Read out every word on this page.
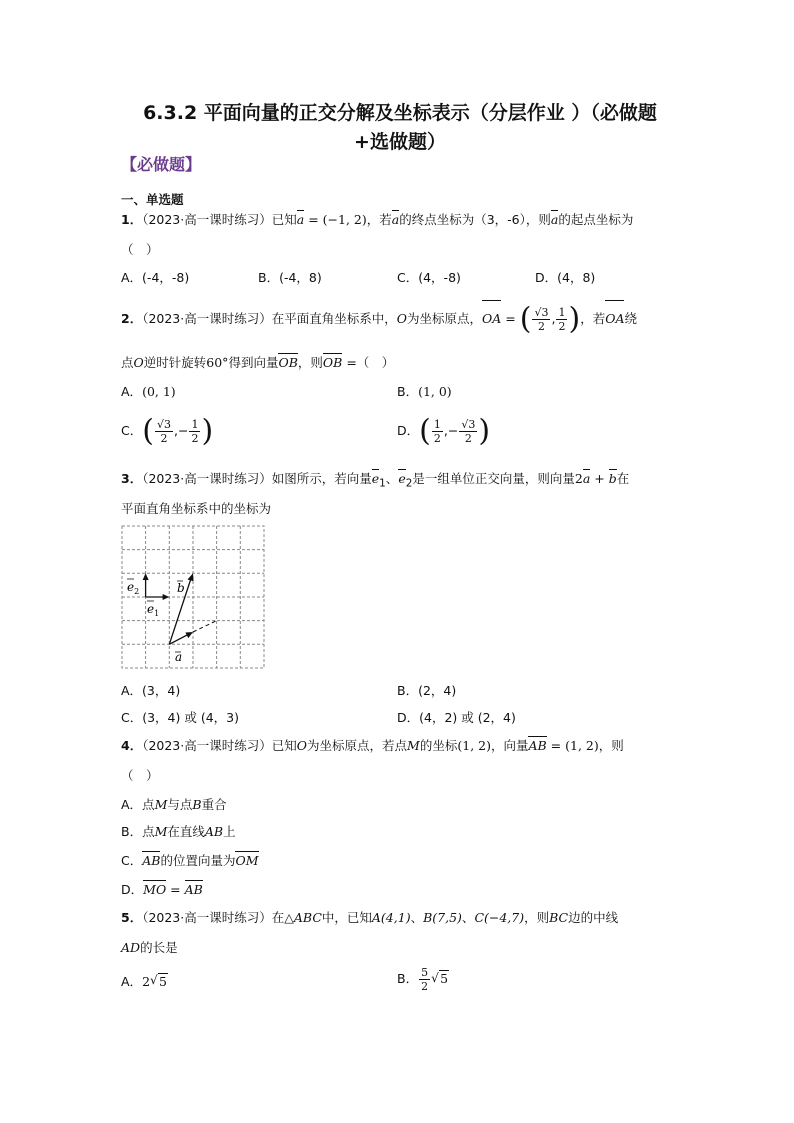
6.3.2 平面向量的正交分解及坐标表示（分层作业 ）（必做题
+选做题）
【必做题】
一、单选题
1．（2023·高一课时练习）已知a = (−1, 2)，若a的终点坐标为（3，-6），则a的起点坐标为
（　）
A．(-4，-8)	B．(-4，8)	C．(4，-8)	D．(4，8)
2．（2023·高一课时练习）在平面直角坐标系中，O为坐标原点，OA = ( $\frac{√3}{2}$ , $\frac{1}{2}$ )，若OA绕
点O逆时针旋转60°得到向量OB，则OB =（　）
A．(0, 1)	B．(1, 0)
C．( $\frac{√3}{2}$ ,− $\frac{1}{2}$ )	D．( $\frac{1}{2}$ ,− $\frac{√3}{2}$ )
3．（2023·高一课时练习）如图所示，若向量$e_1$、$e_2$是一组单位正交向量，则向量2a + b在
平面直角坐标系中的坐标为
$e_2$
$e_1$
b
a
A．(3，4)	B．(2，4)
C．(3，4) 或 (4，3)	D．(4，2) 或 (2，4)
4．（2023·高一课时练习）已知O为坐标原点，若点M的坐标(1, 2)，向量AB = (1, 2)，则
（　）
A．点M与点B重合
B．点M在直线AB上
C．AB的位置向量为OM
D．MO = AB
5．（2023·高一课时练习）在△ABC中，已知A(4,1)、B(7,5)、C(−4,7)，则BC边的中线
AD的长是
A．2 √ 5	B． $\frac{5}{2}$ √ 5
